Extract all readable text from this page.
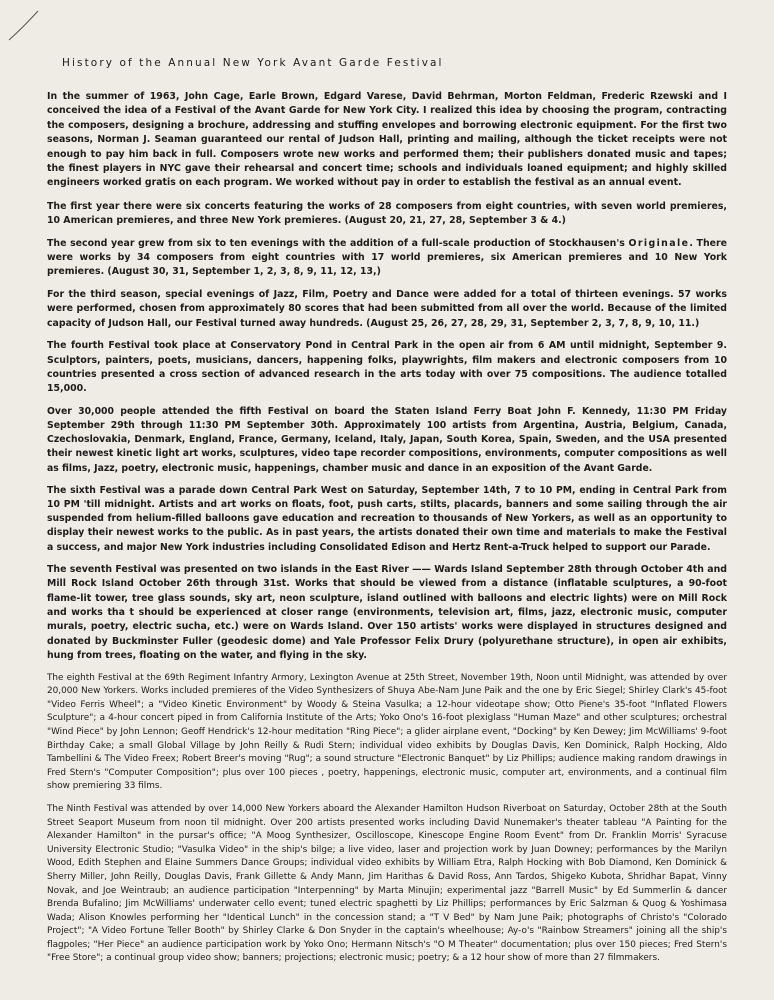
History of the Annual New York Avant Garde Festival

In the summer of 1963, John Cage, Earle Brown, Edgard Varese, David Behrman, Morton Feldman, Frederic Rzewski and I conceived the idea of a Festival of the Avant Garde for New York City. I realized this idea by choosing the program, contracting the composers, designing a brochure, addressing and stuffing envelopes and borrowing electronic equipment. For the first two seasons, Norman J. Seaman guaranteed our rental of Judson Hall, printing and mailing, although the ticket receipts were not enough to pay him back in full. Composers wrote new works and performed them; their publishers donated music and tapes; the finest players in NYC gave their rehearsal and concert time; schools and individuals loaned equipment; and highly skilled engineers worked gratis on each program. We worked without pay in order to establish the festival as an annual event.

The first year there were six concerts featuring the works of 28 composers from eight countries, with seven world premieres, 10 American premieres, and three New York premieres. (August 20, 21, 27, 28, September 3 & 4.)

The second year grew from six to ten evenings with the addition of a full-scale production of Stockhausen's Originale. There were works by 34 composers from eight countries with 17 world premieres, six American premieres and 10 New York premieres. (August 30, 31, September 1, 2, 3, 8, 9, 11, 12, 13,)

For the third season, special evenings of Jazz, Film, Poetry and Dance were added for a total of thirteen evenings. 57 works were performed, chosen from approximately 80 scores that had been submitted from all over the world. Because of the limited capacity of Judson Hall, our Festival turned away hundreds. (August 25, 26, 27, 28, 29, 31, September 2, 3, 7, 8, 9, 10, 11.)

The fourth Festival took place at Conservatory Pond in Central Park in the open air from 6 AM until midnight, September 9. Sculptors, painters, poets, musicians, dancers, happening folks, playwrights, film makers and electronic composers from 10 countries presented a cross section of advanced research in the arts today with over 75 compositions. The audience totalled 15,000.

Over 30,000 people attended the fifth Festival on board the Staten Island Ferry Boat John F. Kennedy, 11:30 PM Friday September 29th through 11:30 PM September 30th. Approximately 100 artists from Argentina, Austria, Belgium, Canada, Czechoslovakia, Denmark, England, France, Germany, Iceland, Italy, Japan, South Korea, Spain, Sweden, and the USA presented their newest kinetic light art works, sculptures, video tape recorder compositions, environments, computer compositions as well as films, Jazz, poetry, electronic music, happenings, chamber music and dance in an exposition of the Avant Garde.

The sixth Festival was a parade down Central Park West on Saturday, September 14th, 7 to 10 PM, ending in Central Park from 10 PM 'till midnight. Artists and art works on floats, foot, push carts, stilts, placards, banners and some sailing through the air suspended from helium-filled balloons gave education and recreation to thousands of New Yorkers, as well as an opportunity to display their newest works to the public. As in past years, the artists donated their own time and materials to make the Festival a success, and major New York industries including Consolidated Edison and Hertz Rent-a-Truck helped to support our Parade.

The seventh Festival was presented on two islands in the East River —— Wards Island September 28th through October 4th and Mill Rock Island October 26th through 31st. Works that should be viewed from a distance (inflatable sculptures, a 90-foot flame-lit tower, tree glass sounds, sky art, neon sculpture, island outlined with balloons and electric lights) were on Mill Rock and works tha t should be experienced at closer range (environments, television art, films, jazz, electronic music, computer murals, poetry, electric sucha, etc.) were on Wards Island. Over 150 artists' works were displayed in structures designed and donated by Buckminster Fuller (geodesic dome) and Yale Professor Felix Drury (polyurethane structure), in open air exhibits, hung from trees, floating on the water, and flying in the sky.

The eighth Festival at the 69th Regiment Infantry Armory, Lexington Avenue at 25th Street, November 19th, Noon until Midnight, was attended by over 20,000 New Yorkers. Works included premieres of the Video Synthesizers of Shuya Abe-Nam June Paik and the one by Eric Siegel; Shirley Clark's 45-foot "Video Ferris Wheel"; a "Video Kinetic Environment" by Woody & Steina Vasulka; a 12-hour videotape show; Otto Piene's 35-foot "Inflated Flowers Sculpture"; a 4-hour concert piped in from California Institute of the Arts; Yoko Ono's 16-foot plexiglass "Human Maze" and other sculptures; orchestral "Wind Piece" by John Lennon; Geoff Hendrick's 12-hour meditation "Ring Piece"; a glider airplane event, "Docking" by Ken Dewey; Jim McWilliams' 9-foot Birthday Cake; a small Global Village by John Reilly & Rudi Stern; individual video exhibits by Douglas Davis, Ken Dominick, Ralph Hocking, Aldo Tambellini & The Video Freex; Robert Breer's moving "Rug"; a sound structure "Electronic Banquet" by Liz Phillips; audience making random drawings in Fred Stern's "Computer Composition"; plus over 100 pieces , poetry, happenings, electronic music, computer art, environments, and a continual film show premiering 33 films.

The Ninth Festival was attended by over 14,000 New Yorkers aboard the Alexander Hamilton Hudson Riverboat on Saturday, October 28th at the South Street Seaport Museum from noon til midnight. Over 200 artists presented works including David Nunemaker's theater tableau "A Painting for the Alexander Hamilton" in the pursar's office; "A Moog Synthesizer, Oscilloscope, Kinescope Engine Room Event" from Dr. Franklin Morris' Syracuse University Electronic Studio; "Vasulka Video" in the ship's bilge; a live video, laser and projection work by Juan Downey; performances by the Marilyn Wood, Edith Stephen and Elaine Summers Dance Groups; individual video exhibits by William Etra, Ralph Hocking with Bob Diamond, Ken Dominick & Sherry Miller, John Reilly, Douglas Davis, Frank Gillette & Andy Mann, Jim Harithas & David Ross, Ann Tardos, Shigeko Kubota, Shridhar Bapat, Vinny Novak, and Joe Weintraub; an audience participation "Interpenning" by Marta Minujin; experimental jazz "Barrell Music" by Ed Summerlin & dancer Brenda Bufalino; Jim McWilliams' underwater cello event; tuned electric spaghetti by Liz Phillips; performances by Eric Salzman & Quog & Yoshimasa Wada; Alison Knowles performing her "Identical Lunch" in the concession stand; a "T V Bed" by Nam June Paik; photographs of Christo's "Colorado Project"; "A Video Fortune Teller Booth" by Shirley Clarke & Don Snyder in the captain's wheelhouse; Ay-o's "Rainbow Streamers" joining all the ship's flagpoles; "Her Piece" an audience participation work by Yoko Ono; Hermann Nitsch's "O M Theater" documentation; plus over 150 pieces; Fred Stern's "Free Store"; a continual group video show; banners; projections; electronic music; poetry; & a 12 hour show of more than 27 filmmakers.
